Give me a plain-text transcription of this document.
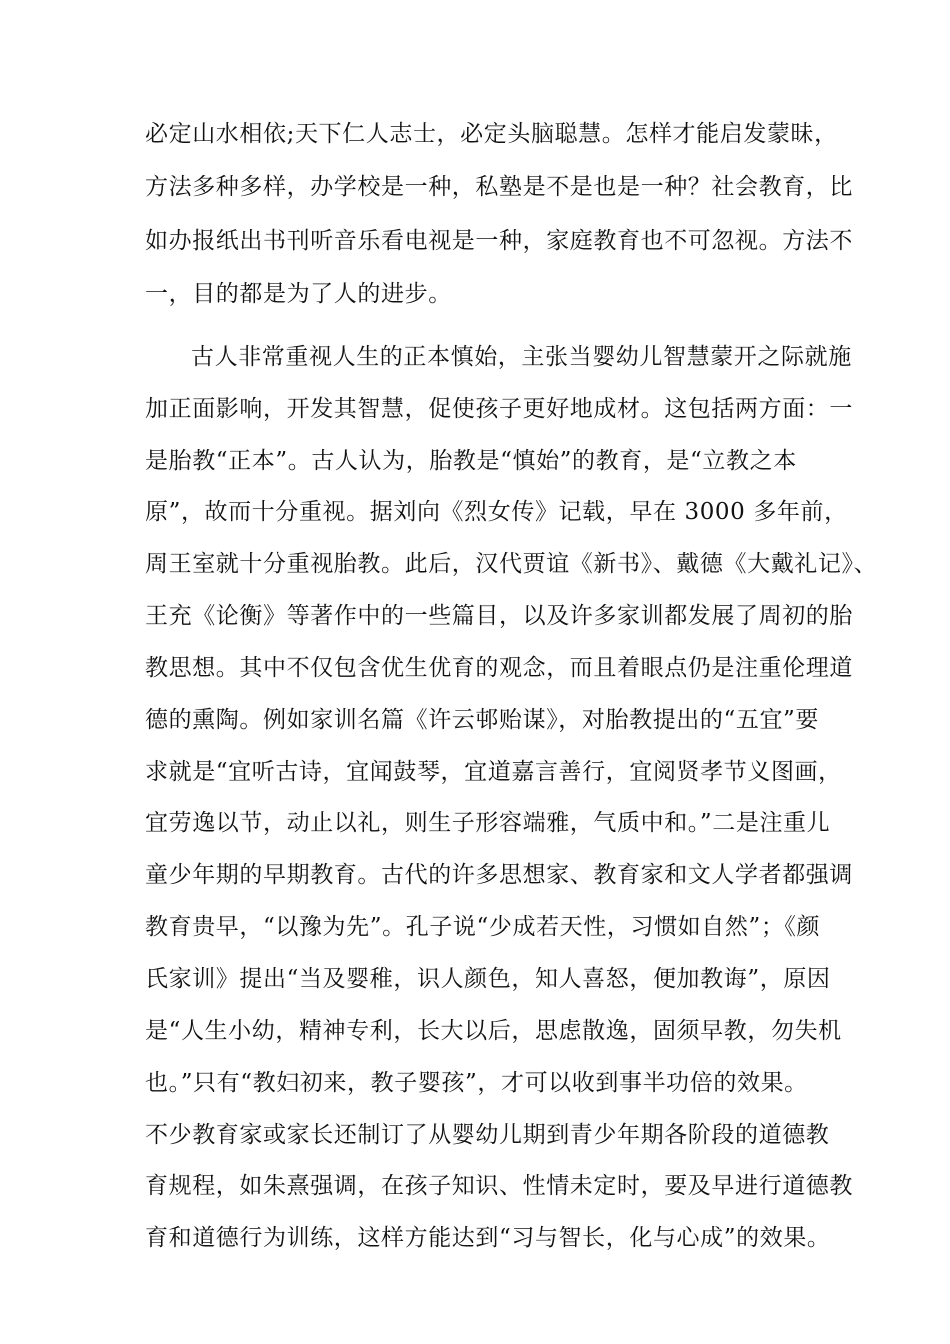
必定山水相依;天下仁人志士，必定头脑聪慧。怎样才能启发蒙昧，
方法多种多样，办学校是一种，私塾是不是也是一种？社会教育，比
如办报纸出书刊听音乐看电视是一种，家庭教育也不可忽视。方法不
一，目的都是为了人的进步。
古人非常重视人生的正本慎始，主张当婴幼儿智慧蒙开之际就施
加正面影响，开发其智慧，促使孩子更好地成材。这包括两方面：一
是胎教“正本”。古人认为，胎教是“慎始”的教育，是“立教之本
原”，故而十分重视。据刘向《烈女传》记载，早在 3000 多年前，
周王室就十分重视胎教。此后，汉代贾谊《新书》、戴德《大戴礼记》、
王充《论衡》等著作中的一些篇目，以及许多家训都发展了周初的胎
教思想。其中不仅包含优生优育的观念，而且着眼点仍是注重伦理道
德的熏陶。例如家训名篇《许云邨贻谋》，对胎教提出的“五宜”要
求就是“宜听古诗，宜闻鼓琴，宜道嘉言善行，宜阅贤孝节义图画，
宜劳逸以节，动止以礼，则生子形容端雅，气质中和。”二是注重儿
童少年期的早期教育。古代的许多思想家、教育家和文人学者都强调
教育贵早，“以豫为先”。孔子说“少成若天性，习惯如自然”；《颜
氏家训》提出“当及婴稚，识人颜色，知人喜怒，便加教诲”，原因
是“人生小幼，精神专利，长大以后，思虑散逸，固须早教，勿失机
也。”只有“教妇初来，教子婴孩”，才可以收到事半功倍的效果。
不少教育家或家长还制订了从婴幼儿期到青少年期各阶段的道德教
育规程，如朱熹强调，在孩子知识、性情未定时，要及早进行道德教
育和道德行为训练，这样方能达到“习与智长，化与心成”的效果。
